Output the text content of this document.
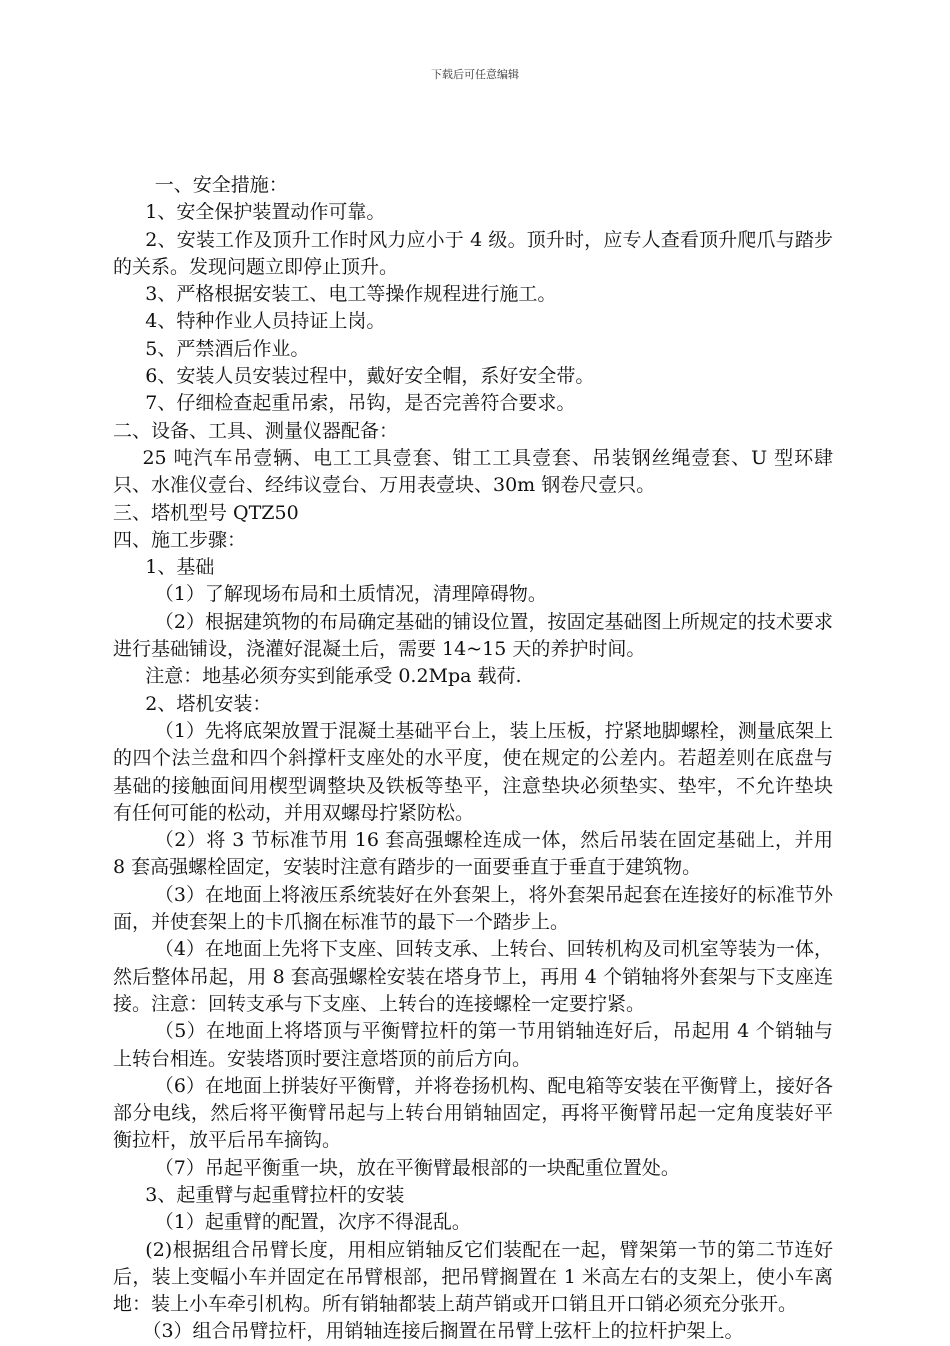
下载后可任意编辑

一、安全措施：

1、安全保护装置动作可靠。

2、安装工作及顶升工作时风力应小于 4 级。顶升时，应专人查看顶升爬爪与踏步的关系。发现问题立即停止顶升。

3、严格根据安装工、电工等操作规程进行施工。

4、特种作业人员持证上岗。

5、严禁酒后作业。

6、安装人员安装过程中，戴好安全帽，系好安全带。

7、仔细检查起重吊索，吊钩，是否完善符合要求。

二、设备、工具、测量仪器配备：

25 吨汽车吊壹辆、电工工具壹套、钳工工具壹套、吊装钢丝绳壹套、U 型环肆只、水准仪壹台、经纬议壹台、万用表壹块、30m 钢卷尺壹只。

三、塔机型号 QTZ50

四、施工步骤：

1、基础

（1）了解现场布局和土质情况，清理障碍物。

（2）根据建筑物的布局确定基础的铺设位置，按固定基础图上所规定的技术要求进行基础铺设，浇灌好混凝土后，需要 14~15 天的养护时间。

注意：地基必须夯实到能承受 0.2Mpa 载荷.

2、塔机安装：

（1）先将底架放置于混凝土基础平台上，装上压板，拧紧地脚螺栓，测量底架上的四个法兰盘和四个斜撑杆支座处的水平度，使在规定的公差内。若超差则在底盘与基础的接触面间用楔型调整块及铁板等垫平，注意垫块必须垫实、垫牢，不允许垫块有任何可能的松动，并用双螺母拧紧防松。

（2）将 3 节标准节用 16 套高强螺栓连成一体，然后吊装在固定基础上，并用 8 套高强螺栓固定，安装时注意有踏步的一面要垂直于垂直于建筑物。

（3）在地面上将液压系统装好在外套架上，将外套架吊起套在连接好的标准节外面，并使套架上的卡爪搁在标准节的最下一个踏步上。

（4）在地面上先将下支座、回转支承、上转台、回转机构及司机室等装为一体，然后整体吊起，用 8 套高强螺栓安装在塔身节上，再用 4 个销轴将外套架与下支座连接。注意：回转支承与下支座、上转台的连接螺栓一定要拧紧。

（5）在地面上将塔顶与平衡臂拉杆的第一节用销轴连好后，吊起用 4 个销轴与上转台相连。安装塔顶时要注意塔顶的前后方向。

（6）在地面上拼装好平衡臂，并将卷扬机构、配电箱等安装在平衡臂上，接好各部分电线，然后将平衡臂吊起与上转台用销轴固定，再将平衡臂吊起一定角度装好平衡拉杆，放平后吊车摘钩。

（7）吊起平衡重一块，放在平衡臂最根部的一块配重位置处。

3、起重臂与起重臂拉杆的安装

（1）起重臂的配置，次序不得混乱。

(2)根据组合吊臂长度，用相应销轴反它们装配在一起，臂架第一节的第二节连好后，装上变幅小车并固定在吊臂根部，把吊臂搁置在 1 米高左右的支架上，使小车离地：装上小车牵引机构。所有销轴都装上葫芦销或开口销且开口销必须充分张开。

（3）组合吊臂拉杆，用销轴连接后搁置在吊臂上弦杆上的拉杆护架上。
